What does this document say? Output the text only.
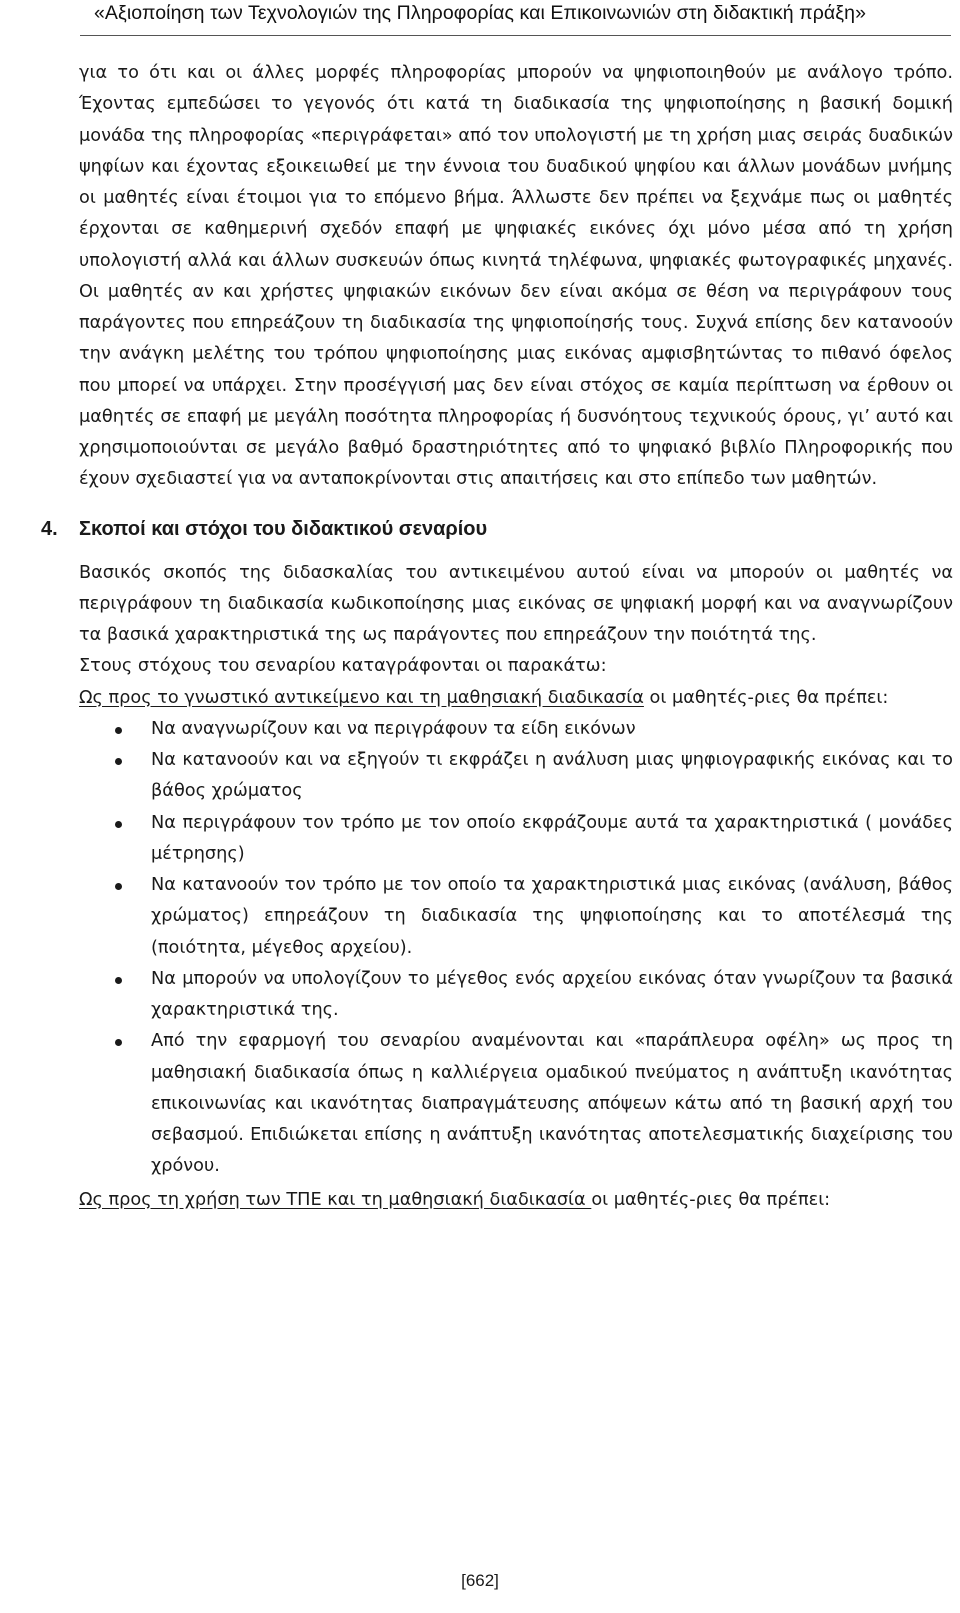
«Αξιοποίηση των Τεχνολογιών της Πληροφορίας και Επικοινωνιών στη διδακτική πράξη»

για το ότι και οι άλλες μορφές πληροφορίας μπορούν να ψηφιοποιηθούν με ανάλογο τρόπο. Έχοντας εμπεδώσει το γεγονός ότι κατά τη διαδικασία της ψηφιοποίησης η βασική δομική μονάδα της πληροφορίας «περιγράφεται» από τον υπολογιστή με τη χρήση μιας σειράς δυαδικών ψηφίων και έχοντας εξοικειωθεί με την έννοια του δυαδικού ψηφίου και άλλων μονάδων μνήμης οι μαθητές είναι έτοιμοι για το επόμενο βήμα. Άλλωστε δεν πρέπει να ξεχνάμε πως οι μαθητές έρχονται σε καθημερινή σχεδόν επαφή με ψηφιακές εικόνες όχι μόνο μέσα από τη χρήση υπολογιστή αλλά και άλλων συσκευών όπως κινητά τηλέφωνα, ψηφιακές φωτογραφικές μηχανές. Οι μαθητές αν και χρήστες ψηφιακών εικόνων δεν είναι ακόμα σε θέση να περιγράφουν τους παράγοντες που επηρεάζουν τη διαδικασία της ψηφιοποίησής τους. Συχνά επίσης δεν κατανοούν την ανάγκη μελέτης του τρόπου ψηφιοποίησης μιας εικόνας αμφισβητώντας το πιθανό όφελος που μπορεί να υπάρχει. Στην προσέγγισή μας δεν είναι στόχος σε καμία περίπτωση να έρθουν οι μαθητές σε επαφή με μεγάλη ποσότητα πληροφορίας ή δυσνόητους τεχνικούς όρους, γι’ αυτό και χρησιμοποιούνται σε μεγάλο βαθμό δραστηριότητες από το ψηφιακό βιβλίο Πληροφορικής που έχουν σχεδιαστεί για να ανταποκρίνονται στις απαιτήσεις και στο επίπεδο των μαθητών.

4. Σκοποί και στόχοι του διδακτικού σεναρίου

Βασικός σκοπός της διδασκαλίας του αντικειμένου αυτού είναι να μπορούν οι μαθητές να περιγράφουν τη διαδικασία κωδικοποίησης μιας εικόνας σε ψηφιακή μορφή και να αναγνωρίζουν τα βασικά χαρακτηριστικά της ως παράγοντες που επηρεάζουν την ποιότητά της.

Στους στόχους του σεναρίου καταγράφονται οι παρακάτω:

Ως προς το γνωστικό αντικείμενο και τη μαθησιακή διαδικασία οι μαθητές-ριες θα πρέπει:

Να αναγνωρίζουν και να περιγράφουν τα είδη εικόνων
Να κατανοούν και να εξηγούν τι εκφράζει η ανάλυση μιας ψηφιογραφικής εικόνας και το βάθος χρώματος
Να περιγράφουν τον τρόπο με τον οποίο εκφράζουμε αυτά τα χαρακτηριστικά ( μονάδες μέτρησης)
Να κατανοούν τον τρόπο με τον οποίο τα χαρακτηριστικά μιας εικόνας (ανάλυση, βάθος χρώματος) επηρεάζουν τη διαδικασία της ψηφιοποίησης και το αποτέλεσμά της (ποιότητα, μέγεθος αρχείου).
Να μπορούν να υπολογίζουν το μέγεθος ενός αρχείου εικόνας όταν γνωρίζουν τα βασικά χαρακτηριστικά της.
Από την εφαρμογή του σεναρίου αναμένονται και «παράπλευρα οφέλη» ως προς τη μαθησιακή διαδικασία όπως η καλλιέργεια ομαδικού πνεύματος η ανάπτυξη ικανότητας επικοινωνίας και ικανότητας διαπραγμάτευσης απόψεων κάτω από τη βασική αρχή του σεβασμού. Επιδιώκεται επίσης η ανάπτυξη ικανότητας αποτελεσματικής διαχείρισης του χρόνου.

Ως προς τη χρήση των ΤΠΕ και τη μαθησιακή διαδικασία οι μαθητές-ριες θα πρέπει:

[662]
